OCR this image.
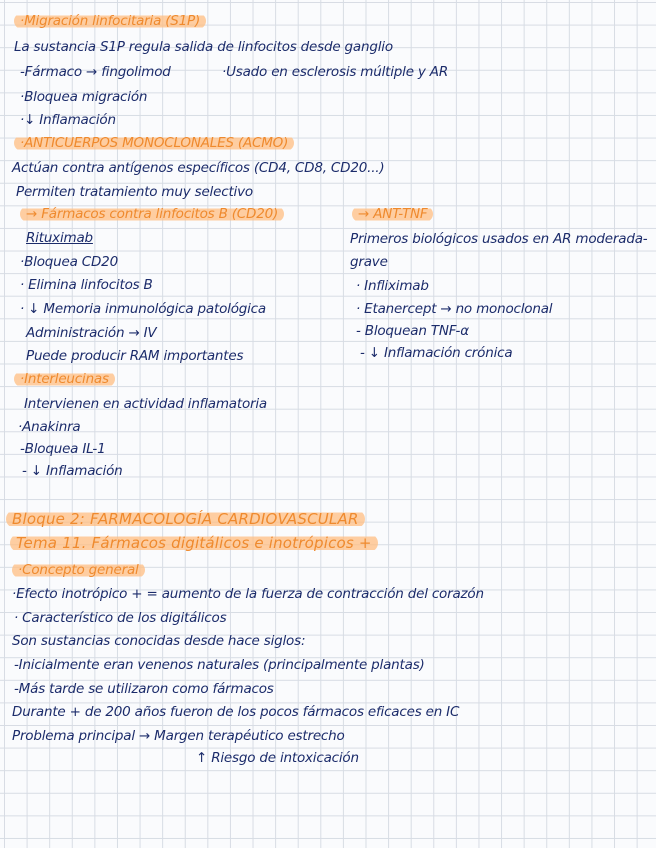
·Migración linfocitaria (S1P)
La sustancia S1P regula salida de linfocitos desde ganglio
-Fármaco → fingolimod	·Usado en esclerosis múltiple y AR
·Bloquea migración
·↓ Inflamación
·ANTICUERPOS MONOCLONALES (ACMO)
Actúan contra antígenos específicos (CD4, CD8, CD20...)
Permiten tratamiento muy selectivo
→ Fármacos contra linfocitos B (CD20)
Rituximab
·Bloquea CD20
· Elimina linfocitos B
· ↓ Memoria inmunológica patológica
Administración → IV
Puede producir RAM importantes
→ ANT-TNF
Primeros biológicos usados en AR moderada-
grave
· Infliximab
· Etanercept → no monoclonal
- Bloquean TNF-α
- ↓ Inflamación crónica
·Interleucinas
Intervienen en actividad inflamatoria
·Anakinra
-Bloquea IL-1
- ↓ Inflamación
Bloque 2: FARMACOLOGÍA CARDIOVASCULAR
Tema 11. Fármacos digitálicos e inotrópicos +
·Concepto general
·Efecto inotrópico + = aumento de la fuerza de contracción del corazón
· Característico de los digitálicos
Son sustancias conocidas desde hace siglos:
-Inicialmente eran venenos naturales (principalmente plantas)
-Más tarde se utilizaron como fármacos
Durante + de 200 años fueron de los pocos fármacos eficaces en IC
Problema principal → Margen terapéutico estrecho
↑ Riesgo de intoxicación
